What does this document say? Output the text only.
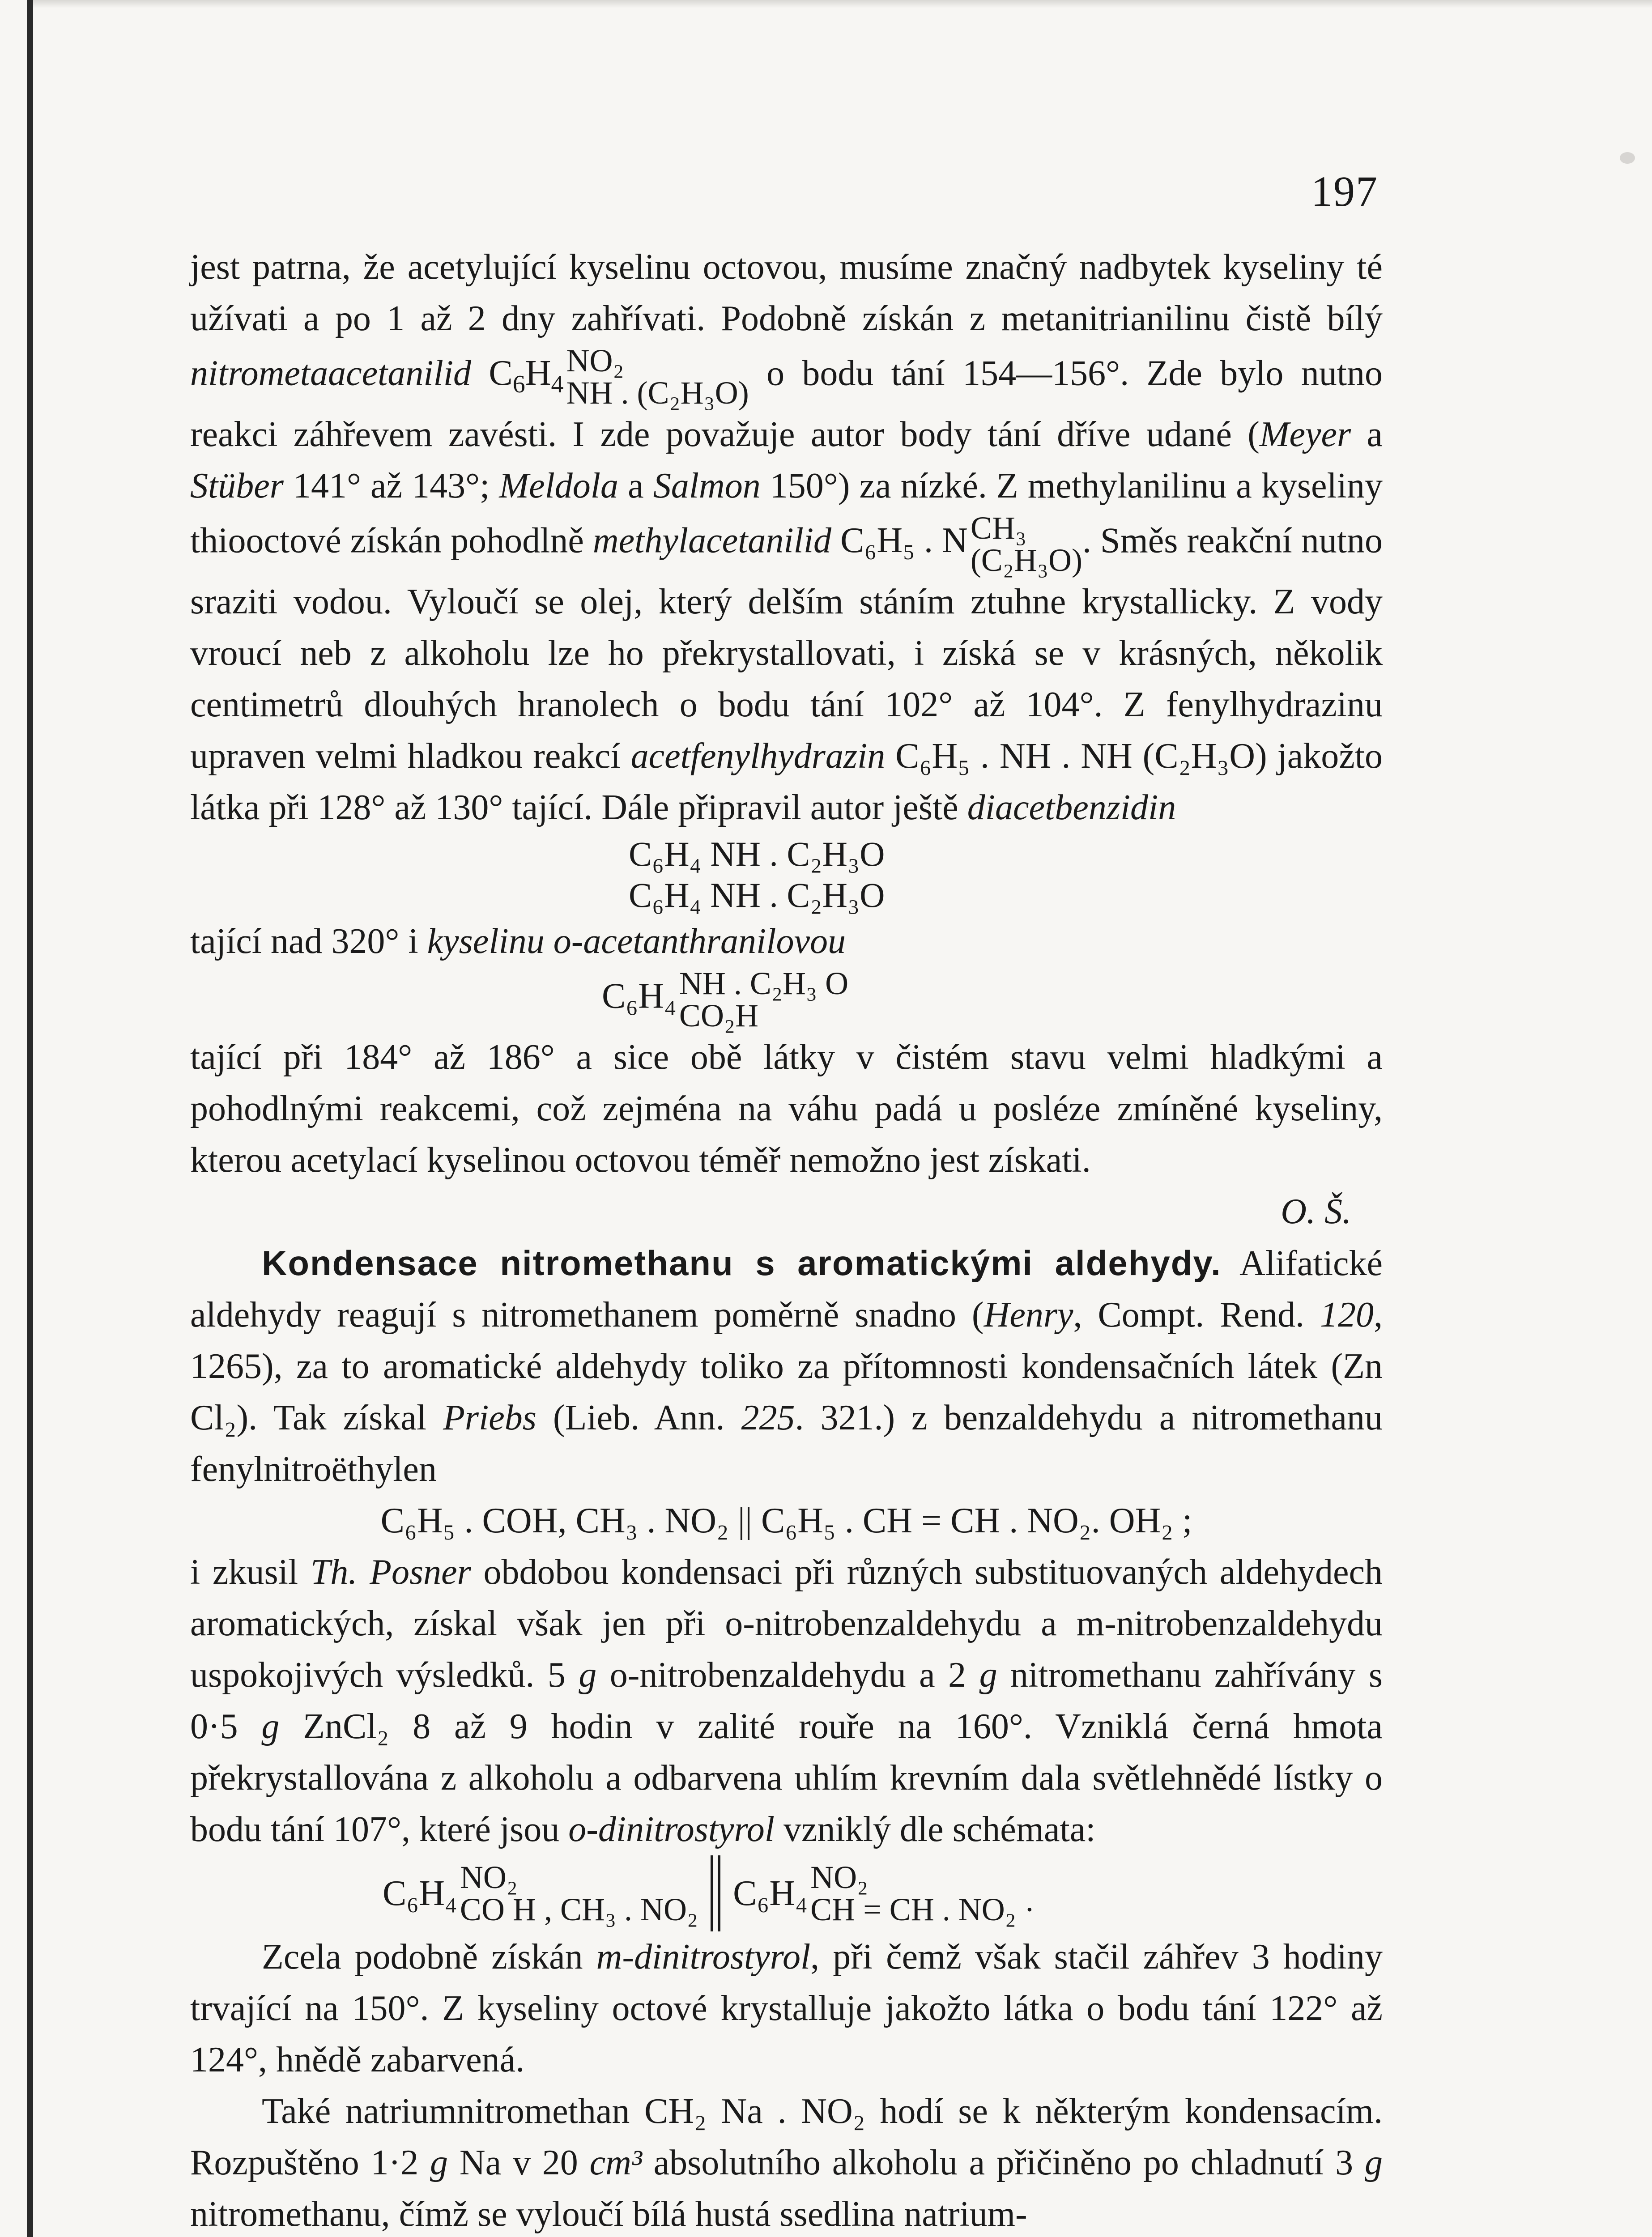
197
jest patrna, že acetylující kyselinu octovou, musíme značný nadbytek kyseliny té užívati a po 1 až 2 dny zahřívati. Podobně získán z metanitrianilinu čistě bílý nitrometaacetanilid $C_6H_4$
NO₂
NH . (C₂H₃O) o bodu tání 154—156°. Zde bylo nutno reakci záhřevem zavésti. I zde považuje autor body tání dříve udané (Meyer a Stüber 141° až 143°; Meldola a Salmon 150°) za nízké. Z methylanilinu a kyseliny thiooctové získán pohodlně methylacetanilid C₆H₅ . N CH₃
(C₂H₃O) . Směs reakční nutno sraziti vodou. Vyloučí se olej, který delším stáním ztuhne krystallicky. Z vody vroucí neb z alkoholu lze ho překrystallovati, i získá se v krásných, několik centimetrů dlouhých hranolech o bodu tání 102° až 104°. Z fenylhydrazinu upraven velmi hladkou reakcí acetfenylhydrazin C₆H₅ . NH . NH (C₂H₃O) jakožto látka při 128° až 130° tající. Dále připravil autor ještě diacetbenzidin
C₆H₄ NH . C₂H₃O
C₆H₄ NH . C₂H₃O
tající nad 320° i kyselinu o-acetanthranilovou
C₆H₄ NH . C₂H₃ O
CO₂H
tající při 184° až 186° a sice obě látky v čistém stavu velmi hladkými a pohodlnými reakcemi, což zejména na váhu padá u posléze zmíněné kyseliny, kterou acetylací kyselinou octovou téměř nemožno jest získati.
O. Š.
Kondensace nitromethanu s aromatickými aldehydy. Alifatické aldehydy reagují s nitromethanem poměrně snadno (Henry, Compt. Rend. 120, 1265), za to aromatické aldehydy toliko za přítomnosti kondensačních látek (Zn Cl₂). Tak získal Priebs (Lieb. Ann. 225. 321.) z benzaldehydu a nitromethanu fenylnitroëthylen
C₆H₅ . COH, CH₃ . NO₂ || C₆H₅ . CH = CH . NO₂. OH₂ ;
i zkusil Th. Posner obdobou kondensaci při různých substituovaných aldehydech aromatických, získal však jen při o-nitrobenzaldehydu a m-nitrobenzaldehydu uspokojivých výsledků. 5 g o-nitrobenzaldehydu a 2 g nitromethanu zahřívány s 0·5 g ZnCl₂ 8 až 9 hodin v zalité rouře na 160°. Vzniklá černá hmota překrystallována z alkoholu a odbarvena uhlím krevním dala světlehnědé lístky o bodu tání 107°, které jsou o-dinitrostyrol vzniklý dle schémata:
C₆H₄ NO₂
CO H , CH₃ . NO₂ C₆H₄ NO₂
CH = CH . NO₂ ·
Zcela podobně získán m-dinitrostyrol, při čemž však stačil záhřev 3 hodiny trvající na 150°. Z kyseliny octové krystalluje jakožto látka o bodu tání 122° až 124°, hnědě zabarvená.
Také natriumnitromethan CH₂ Na . NO₂ hodí se k některým kondensacím. Rozpuštěno 1·2 g Na v 20 cm³ absolutního alkoholu a přičiněno po chladnutí 3 g nitromethanu, čímž se vyloučí bílá hustá ssedlina natrium-
